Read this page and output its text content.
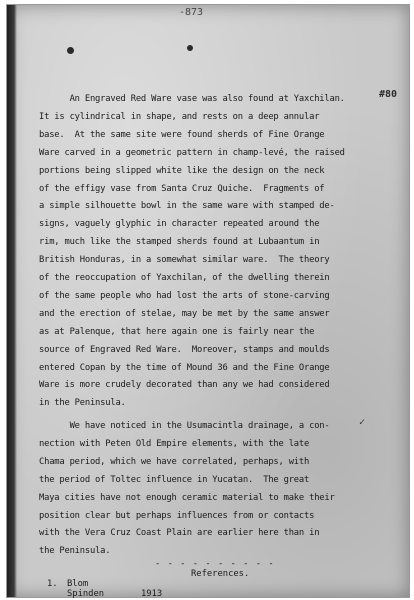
-873
#80
✓
An Engraved Red Ware vase was also found at Yaxchilan.
It is cylindrical in shape, and rests on a deep annular
base.  At the same site were found sherds of Fine Orange
Ware carved in a geometric pattern in champ-levé, the raised
portions being slipped white like the design on the neck
of the effigy vase from Santa Cruz Quiche.  Fragments of
a simple silhouette bowl in the same ware with stamped de-
signs, vaguely glyphic in character repeated around the
rim, much like the stamped sherds found at Lubaantum in
British Honduras, in a somewhat similar ware.  The theory
of the reoccupation of Yaxchilan, of the dwelling therein
of the same people who had lost the arts of stone-carving
and the erection of stelae, may be met by the same answer
as at Palenque, that here again one is fairly near the
source of Engraved Red Ware.  Moreover, stamps and moulds
entered Copan by the time of Mound 36 and the Fine Orange
Ware is more crudely decorated than any we had considered
in the Peninsula.
We have noticed in the Usumacintla drainage, a con-
nection with Peten Old Empire elements, with the late
Chama period, which we have correlated, perhaps, with
the period of Toltec influence in Yucatan.  The great
Maya cities have not enough ceramic material to make their
position clear but perhaps influences from or contacts
with the Vera Cruz Coast Plain are earlier here than in
the Peninsula.
- - - - - - - - - -
References.
1. Blom
Spinden	1913
